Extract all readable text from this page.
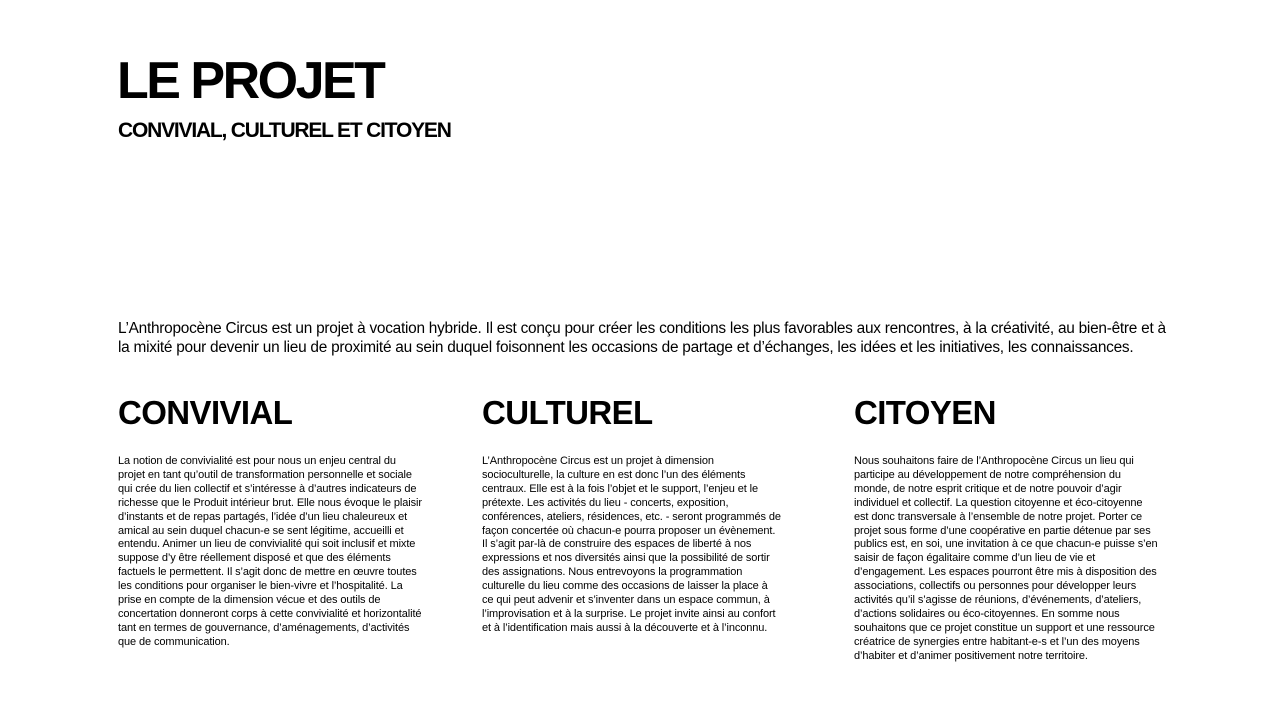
LE PROJET
CONVIVIAL, CULTUREL ET CITOYEN

L’Anthropocène Circus est un projet à vocation hybride. Il est conçu pour créer les conditions les plus favorables aux rencontres, à la créativité, au bien-être et à la mixité pour devenir un lieu de proximité au sein duquel foisonnent les occasions de partage et d’échanges, les idées et les initiatives, les connaissances.

CONVIVIAL

La notion de convivialité est pour nous un enjeu central du projet en tant qu’outil de transformation personnelle et sociale qui crée du lien collectif et s’intéresse à d’autres indicateurs de richesse que le Produit intérieur brut. Elle nous évoque le plaisir d’instants et de repas partagés, l’idée d’un lieu chaleureux et amical au sein duquel chacun-e se sent légitime, accueilli et entendu. Animer un lieu de convivialité qui soit inclusif et mixte suppose d’y être réellement disposé et que des éléments factuels le permettent. Il s’agit donc de mettre en œuvre toutes les conditions pour organiser le bien-vivre et l’hospitalité. La prise en compte de la dimension vécue et des outils de concertation donneront corps à cette convivialité et horizontalité tant en termes de gouvernance, d’aménagements, d’activités que de communication.

CULTUREL

L’Anthropocène Circus est un projet à dimension socioculturelle, la culture en est donc l’un des éléments centraux. Elle est à la fois l’objet et le support, l’enjeu et le prétexte. Les activités du lieu - concerts, exposition, conférences, ateliers, résidences, etc. - seront programmés de façon concertée où chacun-e pourra proposer un évènement. Il s’agit par-là de construire des espaces de liberté à nos expressions et nos diversités ainsi que la possibilité de sortir des assignations. Nous entrevoyons la programmation culturelle du lieu comme des occasions de laisser la place à ce qui peut advenir et s’inventer dans un espace commun, à l’improvisation et à la surprise. Le projet invite ainsi au confort et à l’identification mais aussi à la découverte et à l’inconnu.

CITOYEN

Nous souhaitons faire de l’Anthropocène Circus un lieu qui participe au développement de notre compréhension du monde, de notre esprit critique et de notre pouvoir d’agir individuel et collectif. La question citoyenne et éco-citoyenne est donc transversale à l’ensemble de notre projet. Porter ce projet sous forme d’une coopérative en partie détenue par ses publics est, en soi, une invitation à ce que chacun-e puisse s’en saisir de façon égalitaire comme d’un lieu de vie et d’engagement. Les espaces pourront être mis à disposition des associations, collectifs ou personnes pour développer leurs activités qu’il s’agisse de réunions, d’événements, d’ateliers, d’actions solidaires ou éco-citoyennes. En somme nous souhaitons que ce projet constitue un support et une ressource créatrice de synergies entre habitant-e-s et l’un des moyens d’habiter et d’animer positivement notre territoire.
